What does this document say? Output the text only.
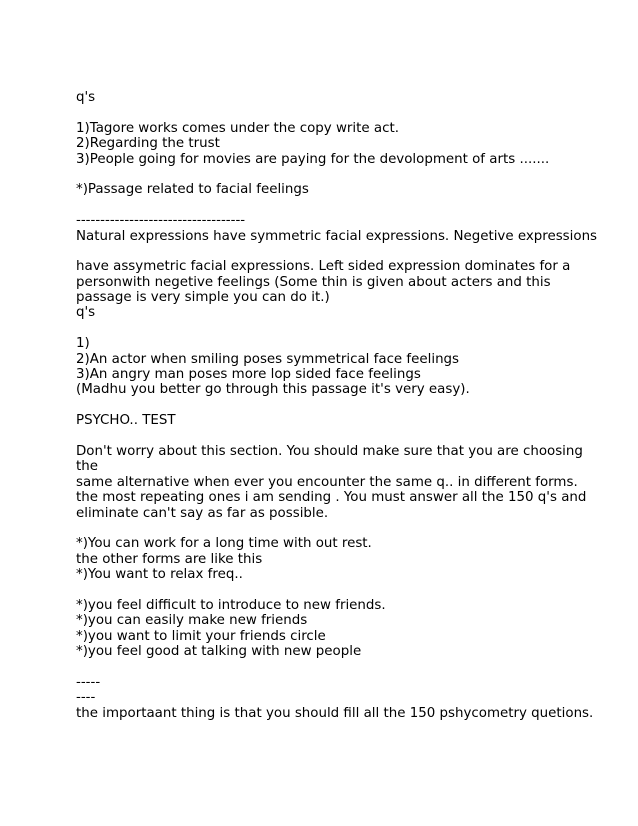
q's
1)Tagore works comes under the copy write act.
2)Regarding the trust
3)People going for movies are paying for the devolopment of arts .......
*)Passage related to facial feelings
-----------------------------------
Natural expressions have symmetric facial expressions. Negetive expressions
have assymetric facial expressions. Left sided expression dominates for a
personwith negetive feelings (Some thin is given about acters and this
passage is very simple you can do it.)
q's
1)
2)An actor when smiling poses symmetrical face feelings
3)An angry man poses more lop sided face feelings
(Madhu you better go through this passage it's very easy).
PSYCHO.. TEST
Don't worry about this section. You should make sure that you are choosing
the
same alternative when ever you encounter the same q.. in different forms.
the most repeating ones i am sending . You must answer all the 150 q's and
eliminate can't say as far as possible.
*)You can work for a long time with out rest.
the other forms are like this
*)You want to relax freq..
*)you feel difficult to introduce to new friends.
*)you can easily make new friends
*)you want to limit your friends circle
*)you feel good at talking with new people
-----
----
the importaant thing is that you should fill all the 150 pshycometry quetions.
